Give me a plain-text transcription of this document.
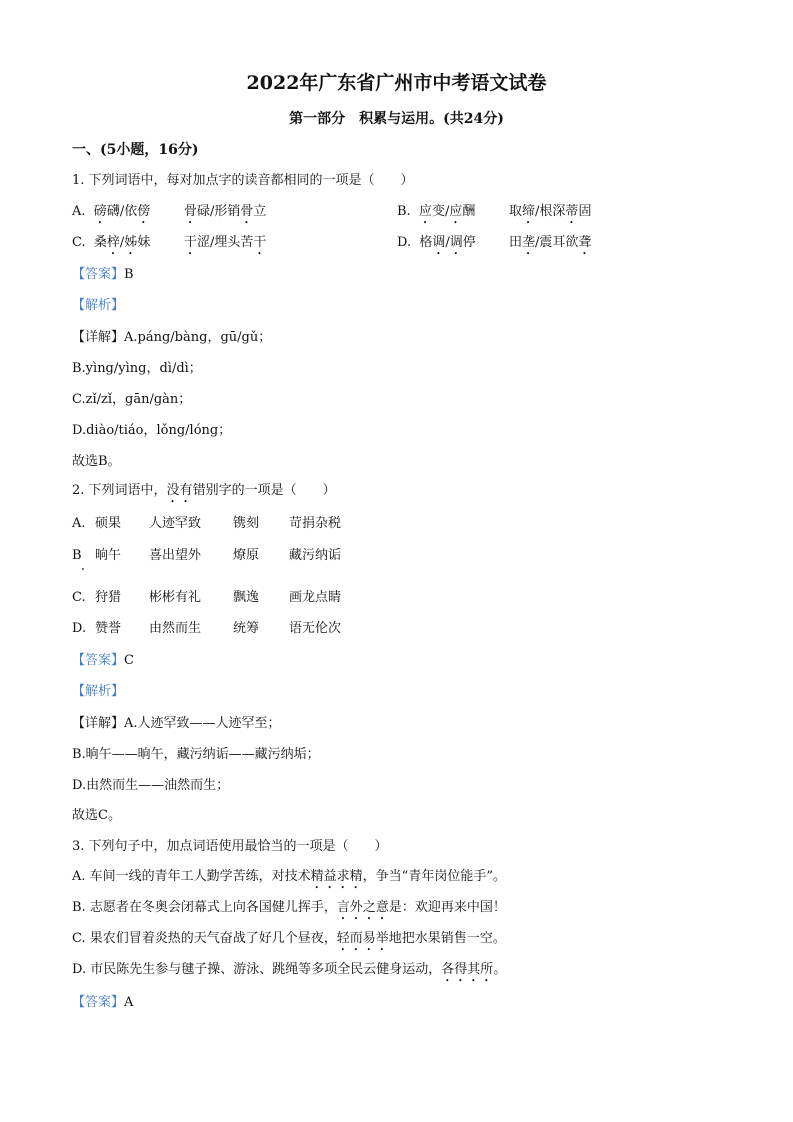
2022年广东省广州市中考语文试卷
第一部分　积累与运用。(共24分)
一、(5小题，16分)
1. 下列词语中，每对加点字的读音都相同的一项是（　　）
A. 磅礴/依傍	骨碌/形销骨立	B. 应变/应酬	取缔/根深蒂固
C. 桑梓/姊妹	干涩/埋头苦干	D. 格调/调停	田垄/震耳欲聋
【答案】B
【解析】
【详解】A.páng/bàng，gū/gǔ；
B.yìng/yìng，dì/dì；
C.zǐ/zǐ，gān/gàn；
D.diào/tiáo，lǒng/lóng；
故选B。
2. 下列词语中，没有错别字的一项是（　　）
A. 硕果 人迹罕致 镌刻 苛捐杂税
B 晌午 喜出望外 燎原 藏污纳诟
C. 狩猎 彬彬有礼 飘逸 画龙点睛
D. 赞誉 由然而生 统筹 语无伦次
【答案】C
【解析】
【详解】A.人迹罕致——人迹罕至；
B.晌午——晌午，藏污纳诟——藏污纳垢；
D.由然而生——油然而生；
故选C。
3. 下列句子中，加点词语使用最恰当的一项是（　　）
A. 车间一线的青年工人勤学苦练，对技术精益求精，争当“青年岗位能手”。
B. 志愿者在冬奥会闭幕式上向各国健儿挥手，言外之意是：欢迎再来中国！
C. 果农们冒着炎热的天气奋战了好几个昼夜，轻而易举地把水果销售一空。
D. 市民陈先生参与毽子操、游泳、跳绳等多项全民云健身运动，各得其所。
【答案】A
